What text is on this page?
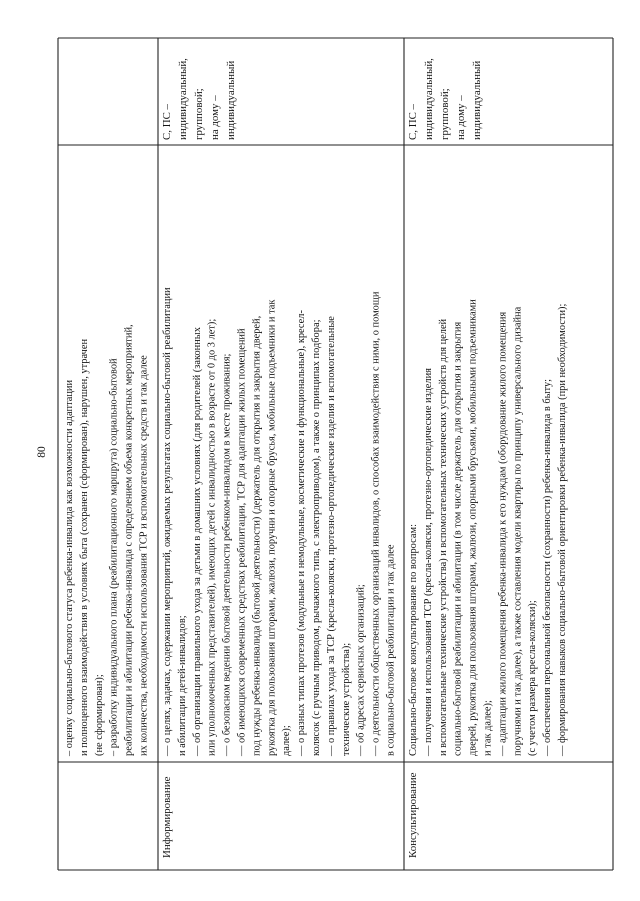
80
Информирование	Консультирование
– оценку социально-бытового статуса ребенка-инвалида как возможности адаптации и полноценного взаимодействия в условиях быта (сохранен (сформирован), нарушен, утрачен (не сформирован); – разработку индивидуального плана (реабилитационного маршрута) социально-бытовой реабилитации и абилитации ребенка-инвалида с определением объема конкретных мероприятий, их количества, необходимости использования ТСР и вспомогательных средств и так далее — о целях, задачах, содержании мероприятий, ожидаемых результатах социально-бытовой реабилитации и абилитации детей-инвалидов; — об организации правильного ухода за детьми в домашних условиях (для родителей (законных или уполномоченных представителей), имеющих детей с инвалидностью в возрасте от 0 до 3 лет); — о безопасном ведении бытовой деятельности ребенком-инвалидом в месте проживания; — об имеющихся современных средствах реабилитации, ТСР для адаптации жилых помещений под нужды ребенка-инвалида (бытовой деятельности) (держатель для открытия и закрытия дверей, рукоятка для пользования шторами, жалюзи, поручни и опорные брусья, мобильные подъемники и так далее); — о разных типах протезов (модульные и немодульные, косметические и функциональные), кресел- колясок (с ручным приводом, рычажного типа, с электроприводом), а также о принципах подбора; — о правилах ухода за ТСР (кресла-коляски, протезно-ортопедические изделия и вспомогательные технические устройства); — об адресах сервисных организаций; — о деятельности общественных организаций инвалидов, о способах взаимодействия с ними, о помощи в социально-бытовой реабилитации и так далее Социально-бытовое консультирование по вопросам: — получения и использования ТСР (кресла-коляски, протезно-ортопедические изделия и вспомогательные технические устройства) и вспомогательных технических устройств для целей социально-бытовой реабилитации и абилитации (в том числе держатель для открытия и закрытия дверей, рукоятка для пользования шторами, жалюзи, опорными брусьями, мобильными подъемниками и так далее); — адаптации жилого помещения ребенка-инвалида к его нуждам (оборудование жилого помещения поручнями и так далее), а также составления модели квартиры по принципу универсального дизайна (с учетом размера кресла-коляски); — обеспечения персональной безопасности (сохранности) ребенка-инвалида в быту; — формирования навыков социально-бытовой ориентировки ребенка-инвалида (при необходимости);
С, ПС – индивидуальный, групповой; на дому – индивидуальный	С, ПС – индивидуальный, групповой; на дому – индивидуальный
